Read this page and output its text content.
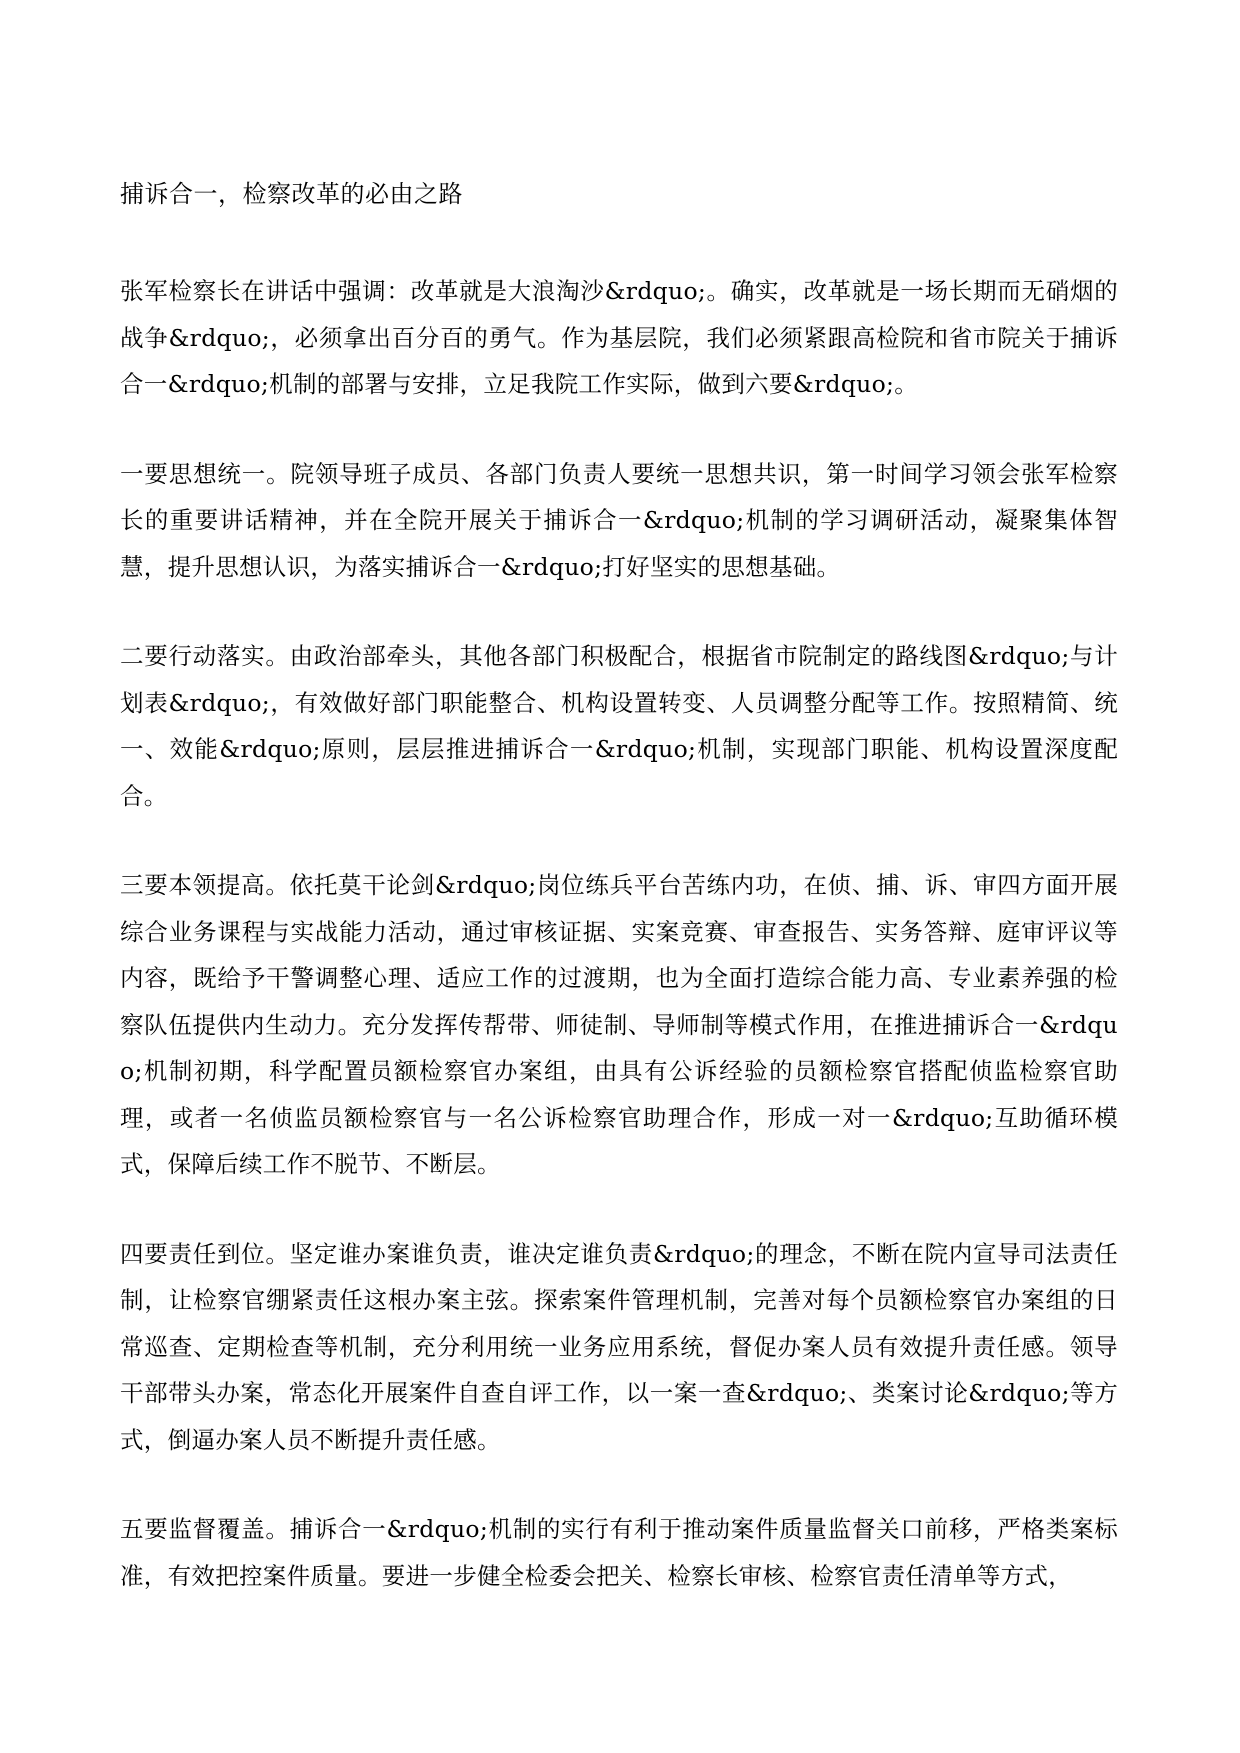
捕诉合一，检察改革的必由之路

张军检察长在讲话中强调：改革就是大浪淘沙&rdquo;。确实，改革就是一场长期而无硝烟的战争&rdquo;，必须拿出百分百的勇气。作为基层院，我们必须紧跟高检院和省市院关于捕诉合一&rdquo;机制的部署与安排，立足我院工作实际，做到六要&rdquo;。

一要思想统一。院领导班子成员、各部门负责人要统一思想共识，第一时间学习领会张军检察长的重要讲话精神，并在全院开展关于捕诉合一&rdquo;机制的学习调研活动，凝聚集体智慧，提升思想认识，为落实捕诉合一&rdquo;打好坚实的思想基础。

二要行动落实。由政治部牵头，其他各部门积极配合，根据省市院制定的路线图&rdquo;与计划表&rdquo;，有效做好部门职能整合、机构设置转变、人员调整分配等工作。按照精简、统一、效能&rdquo;原则，层层推进捕诉合一&rdquo;机制，实现部门职能、机构设置深度配合。

三要本领提高。依托莫干论剑&rdquo;岗位练兵平台苦练内功，在侦、捕、诉、审四方面开展综合业务课程与实战能力活动，通过审核证据、实案竞赛、审查报告、实务答辩、庭审评议等内容，既给予干警调整心理、适应工作的过渡期，也为全面打造综合能力高、专业素养强的检察队伍提供内生动力。充分发挥传帮带、师徒制、导师制等模式作用，在推进捕诉合一&rdquo;机制初期，科学配置员额检察官办案组，由具有公诉经验的员额检察官搭配侦监检察官助理，或者一名侦监员额检察官与一名公诉检察官助理合作，形成一对一&rdquo;互助循环模式，保障后续工作不脱节、不断层。

四要责任到位。坚定谁办案谁负责，谁决定谁负责&rdquo;的理念，不断在院内宣导司法责任制，让检察官绷紧责任这根办案主弦。探索案件管理机制，完善对每个员额检察官办案组的日常巡查、定期检查等机制，充分利用统一业务应用系统，督促办案人员有效提升责任感。领导干部带头办案，常态化开展案件自查自评工作，以一案一查&rdquo;、类案讨论&rdquo;等方式，倒逼办案人员不断提升责任感。

五要监督覆盖。捕诉合一&rdquo;机制的实行有利于推动案件质量监督关口前移，严格类案标准，有效把控案件质量。要进一步健全检委会把关、检察长审核、检察官责任清单等方式，
